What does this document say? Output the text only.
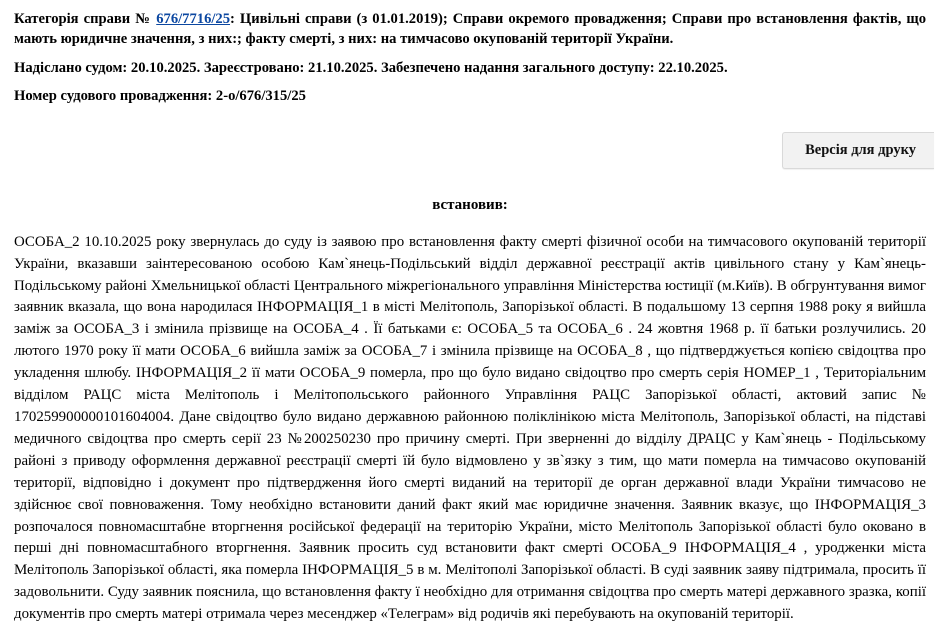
Категорія справи № 676/7716/25: Цивільні справи (з 01.01.2019); Справи окремого провадження; Справи про встановлення фактів, що мають юридичне значення, з них:; факту смерті, з них: на тимчасово окупованій території України.
Надіслано судом: 20.10.2025. Зареєстровано: 21.10.2025. Забезпечено надання загального доступу: 22.10.2025.
Номер судового провадження: 2-о/676/315/25
Версія для друку
встановив:

ОСОБА_2 10.10.2025 року звернулась до суду із заявою про встановлення факту смерті фізичної особи на тимчасового окупованій території України, вказавши заінтересованою особою Кам`янець-Подільський відділ державної реєстрації актів цивільного стану у Кам`янець-Подільському районі Хмельницької області Центрального міжрегіонального управління Міністерства юстиції (м.Київ). В обгрунтування вимог заявник вказала, що вона народилася ІНФОРМАЦІЯ_1 в місті Мелітополь, Запорізької області. В подальшому 13 серпня 1988 року я вийшла заміж за ОСОБА_3 і змінила прізвище на ОСОБА_4 . Її батьками є: ОСОБА_5 та ОСОБА_6 . 24 жовтня 1968 р. її батьки розлучились. 20 лютого 1970 року її мати ОСОБА_6 вийшла заміж за ОСОБА_7 і змінила прізвище на ОСОБА_8 , що підтверджується копією свідоцтва про укладення шлюбу. ІНФОРМАЦІЯ_2 її мати ОСОБА_9 померла, про що було видано свідоцтво про смерть серія НОМЕР_1 , Територіальним відділом РАЦС міста Мелітополь і Мелітопольського районного Управління РАЦС Запорізької області, актовий запис № 170259900000101604004. Дане свідоцтво було видано державною районною поліклінікою міста Мелітополь, Запорізької області, на підставі медичного свідоцтва про смерть серії 23 №200250230 про причину смерті. При зверненні до відділу ДРАЦС у Кам`янець - Подільському районі з приводу оформлення державної реєстрації смерті їй було відмовлено у зв`язку з тим, що мати померла на тимчасово окупованій території, відповідно і документ про підтвердження його смерті виданий на території де орган державної влади України тимчасово не здійснює свої повноваження. Тому необхідно встановити даний факт який має юридичне значення. Заявник вказує, що ІНФОРМАЦІЯ_3 розпочалося повномасштабне вторгнення російської федерації на територію України, місто Мелітополь Запорізької області було оковано в перші дні повномасштабного вторгнення. Заявник просить суд встановити факт смерті ОСОБА_9 ІНФОРМАЦІЯ_4 , уродженки міста Мелітополь Запорізької області, яка померла ІНФОРМАЦІЯ_5 в м. Мелітополі Запорізької області. В суді заявник заяву підтримала, просить її задовольнити. Суду заявник пояснила, що встановлення факту ї необхідно для отримання свідоцтва про смерть матері державного зразка, копії документів про смерть матері отримала через месенджер «Телеграм» від родичів які перебувають на окупованій території.
